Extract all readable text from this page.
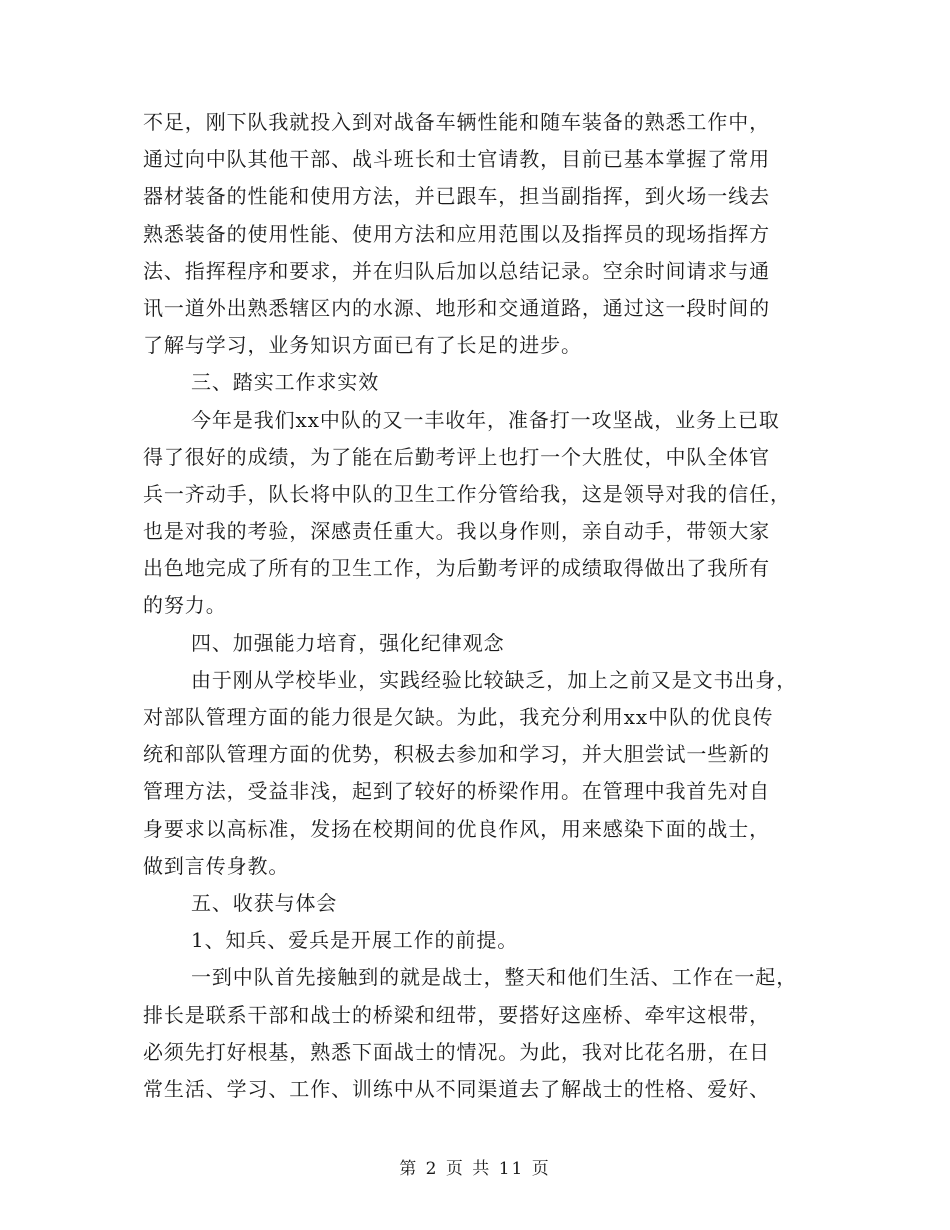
不足，刚下队我就投入到对战备车辆性能和随车装备的熟悉工作中，
通过向中队其他干部、战斗班长和士官请教，目前已基本掌握了常用
器材装备的性能和使用方法，并已跟车，担当副指挥，到火场一线去
熟悉装备的使用性能、使用方法和应用范围以及指挥员的现场指挥方
法、指挥程序和要求，并在归队后加以总结记录。空余时间请求与通
讯一道外出熟悉辖区内的水源、地形和交通道路，通过这一段时间的
了解与学习，业务知识方面已有了长足的进步。
三、踏实工作求实效
今年是我们xx中队的又一丰收年，准备打一攻坚战，业务上已取
得了很好的成绩，为了能在后勤考评上也打一个大胜仗，中队全体官
兵一齐动手，队长将中队的卫生工作分管给我，这是领导对我的信任，
也是对我的考验，深感责任重大。我以身作则，亲自动手，带领大家
出色地完成了所有的卫生工作，为后勤考评的成绩取得做出了我所有
的努力。
四、加强能力培育，强化纪律观念
由于刚从学校毕业，实践经验比较缺乏，加上之前又是文书出身，
对部队管理方面的能力很是欠缺。为此，我充分利用xx中队的优良传
统和部队管理方面的优势，积极去参加和学习，并大胆尝试一些新的
管理方法，受益非浅，起到了较好的桥梁作用。在管理中我首先对自
身要求以高标准，发扬在校期间的优良作风，用来感染下面的战士，
做到言传身教。
五、收获与体会
1、知兵、爱兵是开展工作的前提。
一到中队首先接触到的就是战士，整天和他们生活、工作在一起，
排长是联系干部和战士的桥梁和纽带，要搭好这座桥、牵牢这根带，
必须先打好根基，熟悉下面战士的情况。为此，我对比花名册，在日
常生活、学习、工作、训练中从不同渠道去了解战士的性格、爱好、
第 2 页 共 11 页
